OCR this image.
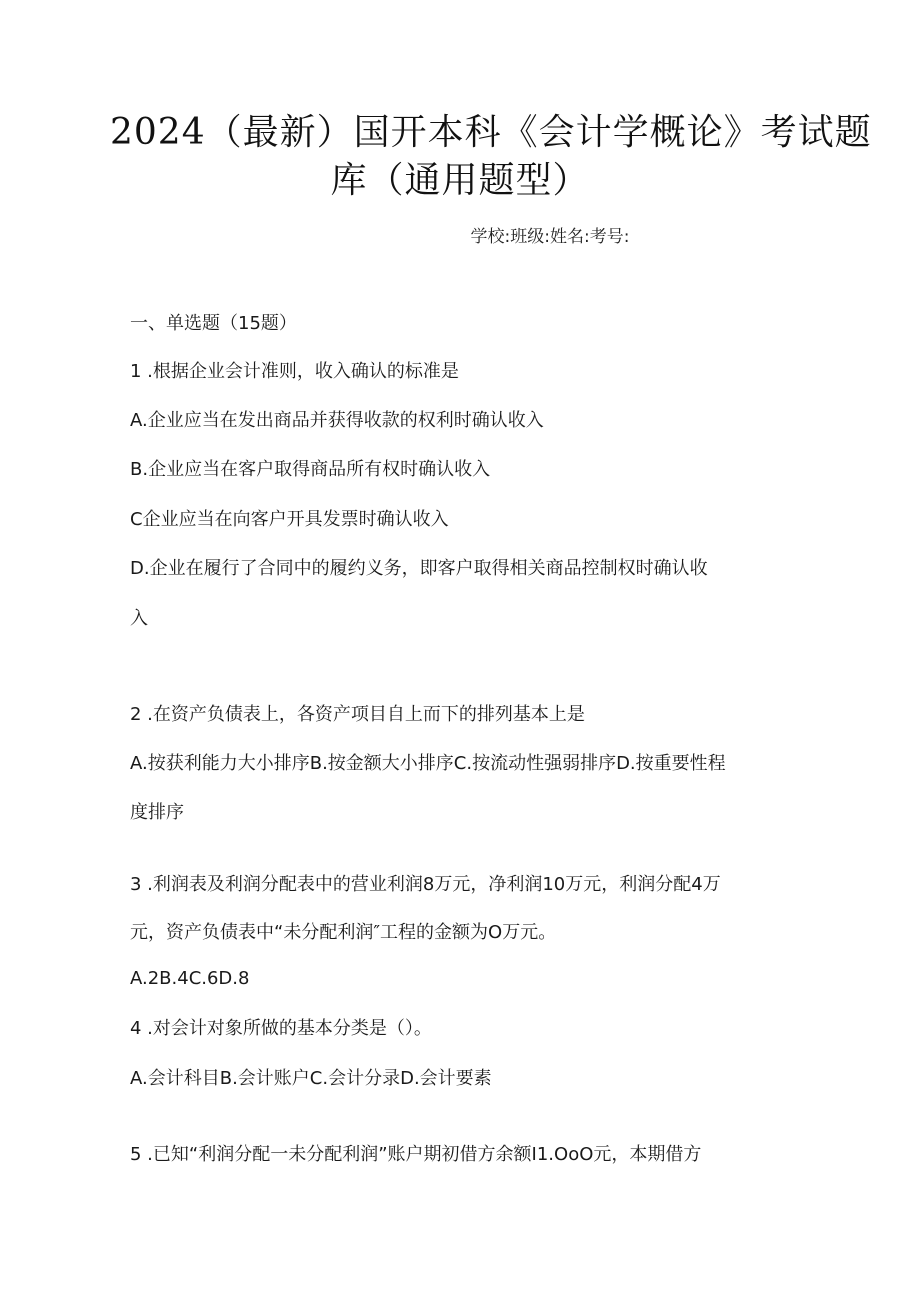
2024（最新）国开本科《会计学概论》考试题
库（通用题型）
学校:班级:姓名:考号:
一、单选题（15题）
1 .根据企业会计准则，收入确认的标准是
A.企业应当在发出商品并获得收款的权利时确认收入
B.企业应当在客户取得商品所有权时确认收入
C企业应当在向客户开具发票时确认收入
D.企业在履行了合同中的履约义务，即客户取得相关商品控制权时确认收
入
2 .在资产负债表上，各资产项目自上而下的排列基本上是
A.按获利能力大小排序B.按金额大小排序C.按流动性强弱排序D.按重要性程
度排序
3 .利润表及利润分配表中的营业利润8万元，净利润10万元，利润分配4万
元，资产负债表中“未分配利润″工程的金额为O万元。
A.2B.4C.6D.8
4 .对会计对象所做的基本分类是（）。
A.会计科目B.会计账户C.会计分录D.会计要素
5 .已知“利润分配一未分配利润”账户期初借方余额I1.OoO元，本期借方
